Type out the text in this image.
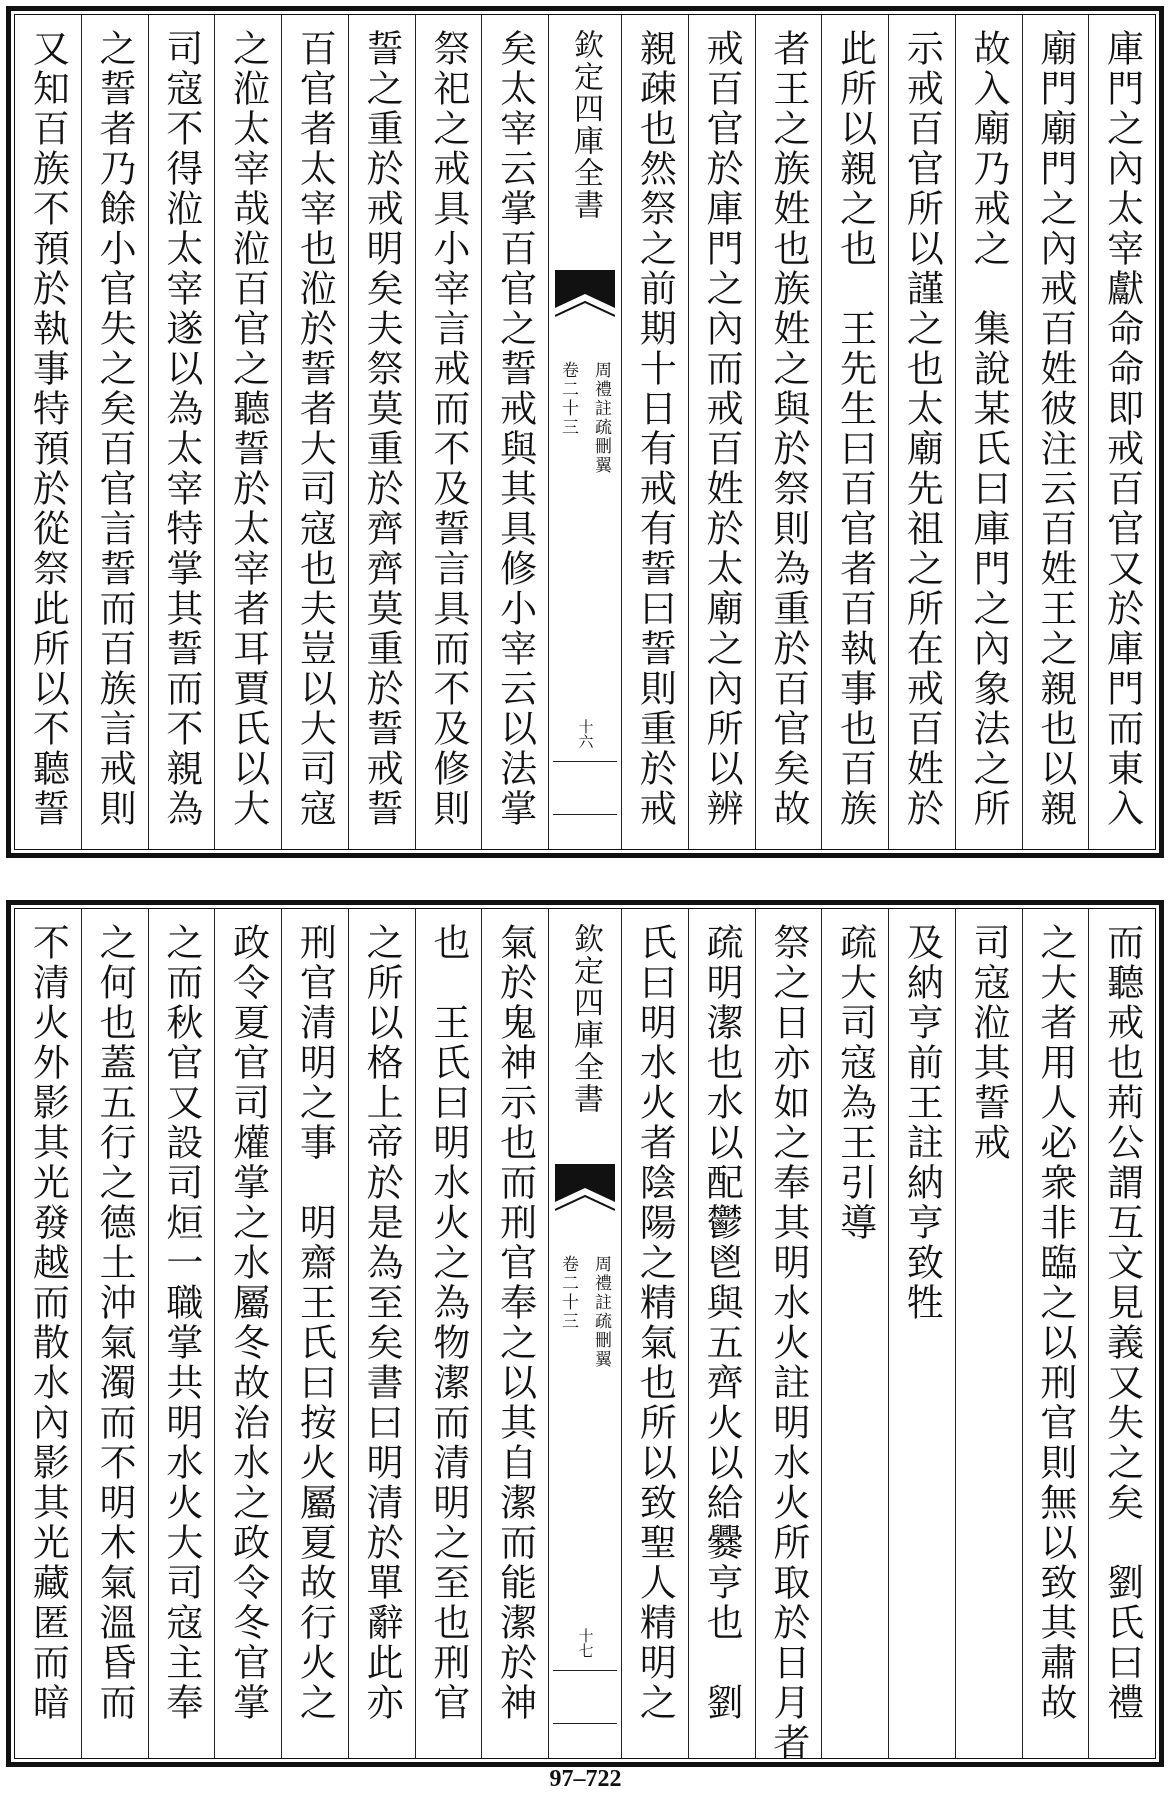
庫門之內太宰獻命命即戒百官又於庫門而東入
廟門廟門之內戒百姓彼注云百姓王之親也以親
故入廟乃戒之　集說某氏曰庫門之內象法之所
示戒百官所以謹之也太廟先祖之所在戒百姓於
此所以親之也　王先生曰百官者百執事也百族
者王之族姓也族姓之與於祭則為重於百官矣故
戒百官於庫門之內而戒百姓於太廟之內所以辨
親疎也然祭之前期十日有戒有誓曰誓則重於戒
欽定四庫全書
周禮註疏刪翼
卷二十三
十六
矣太宰云掌百官之誓戒與其具修小宰云以法掌
祭祀之戒具小宰言戒而不及誓言具而不及修則
誓之重於戒明矣夫祭莫重於齊齊莫重於誓戒誓
百官者太宰也涖於誓者大司寇也夫豈以大司寇
之涖太宰哉涖百官之聽誓於太宰者耳賈氏以大
司寇不得涖太宰遂以為太宰特掌其誓而不親為
之誓者乃餘小官失之矣百官言誓而百族言戒則
又知百族不預於執事特預於從祭此所以不聽誓
而聽戒也荊公謂互文見義又失之矣　劉氏曰禮
之大者用人必衆非臨之以刑官則無以致其肅故
司寇涖其誓戒
及納亨前王註納亨致牲
疏大司寇為王引導
祭之日亦如之奉其明水火註明水火所取於日月者
疏明潔也水以配鬱鬯與五齊火以給爨亨也　劉
氏曰明水火者陰陽之精氣也所以致聖人精明之
欽定四庫全書
周禮註疏刪翼
卷二十三
十七
氣於鬼神示也而刑官奉之以其自潔而能潔於神
也　王氏曰明水火之為物潔而清明之至也刑官
之所以格上帝於是為至矣書曰明清於單辭此亦
刑官清明之事　明齋王氏曰按火屬夏故行火之
政令夏官司爟掌之水屬冬故治水之政令冬官掌
之而秋官又設司烜一職掌共明水火大司寇主奉
之何也蓋五行之德土沖氣濁而不明木氣溫昏而
不清火外影其光發越而散水內影其光藏匿而暗
97–722
